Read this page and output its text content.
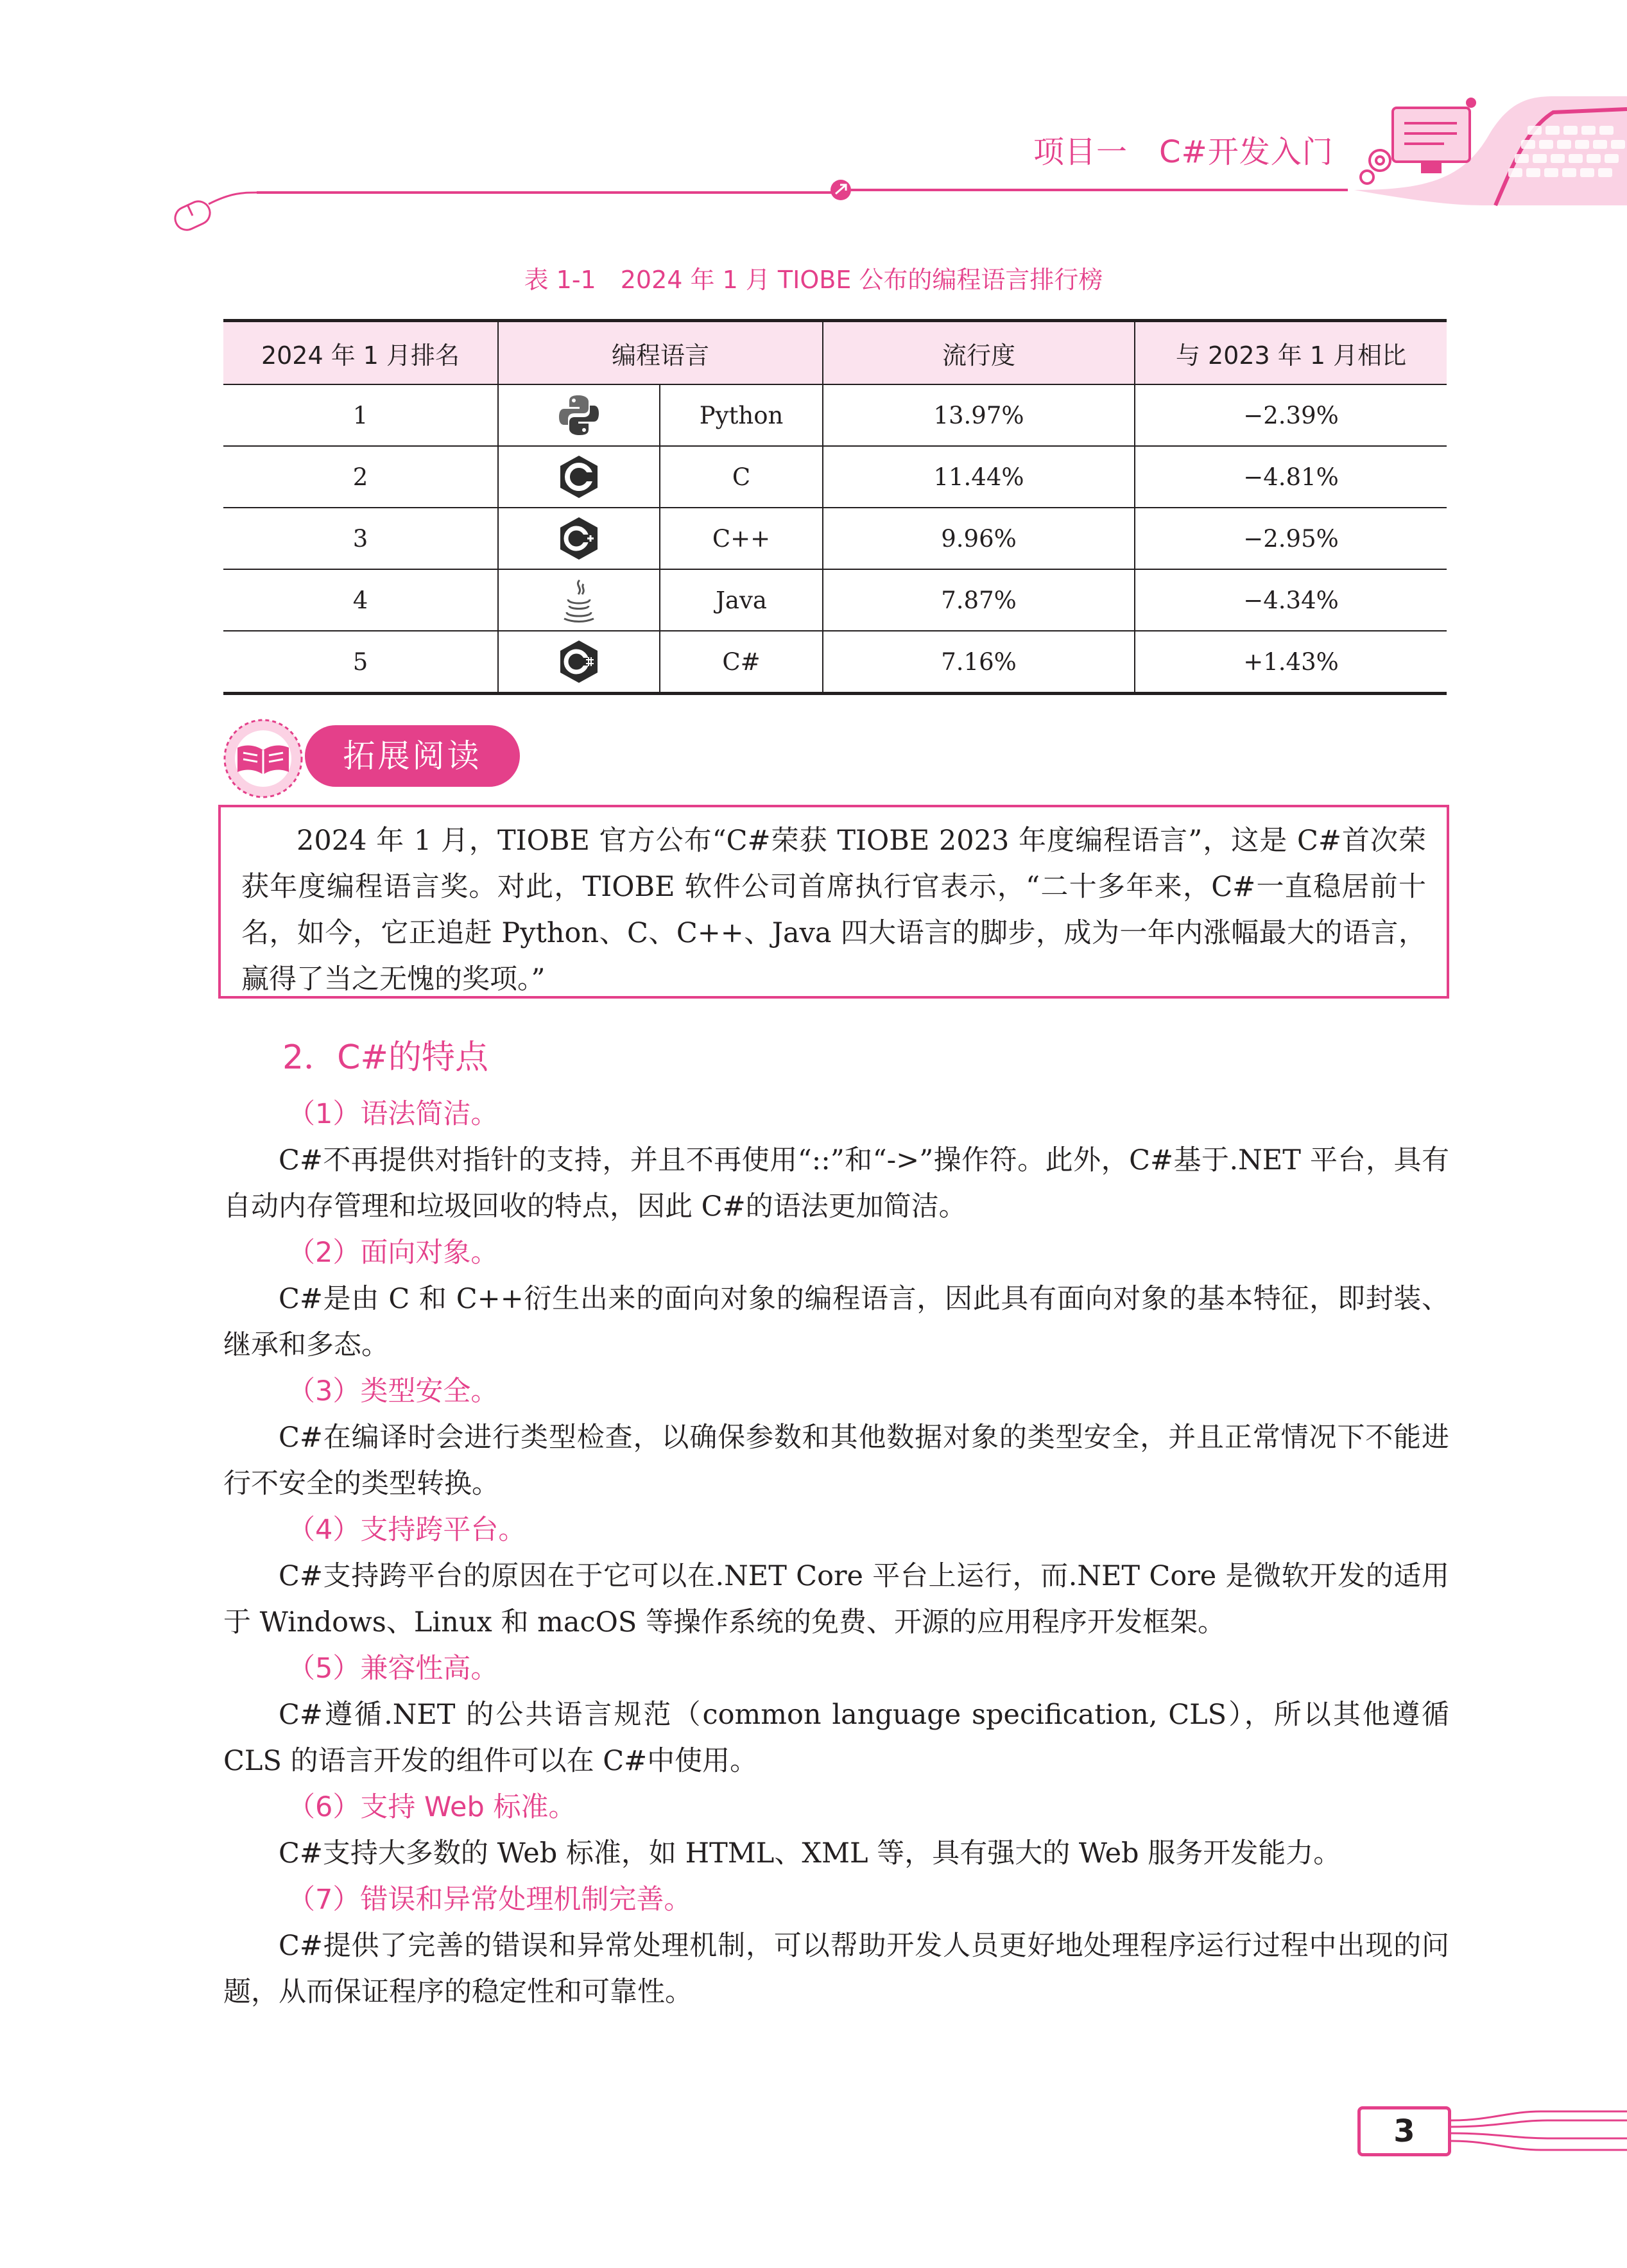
项目一　C#开发入门
表 1-1　2024 年 1 月 TIOBE 公布的编程语言排行榜
2024 年 1 月排名	编程语言		流行度	与 2023 年 1 月相比
1		Python	13.97%	−2.39%
2		C	11.44%	−4.81%
3		C++	9.96%	−2.95%
4		Java	7.87%	−4.34%
5		C#	7.16%	+1.43%
拓展阅读

2024 年 1 月，TIOBE 官方公布“C#荣获 TIOBE 2023 年度编程语言”，这是 C#首次荣获年度编程语言奖。对此，TIOBE 软件公司首席执行官表示，“二十多年来，C#一直稳居前十名，如今，它正追赶 Python、C、C++、Java 四大语言的脚步，成为一年内涨幅最大的语言，赢得了当之无愧的奖项。”

2．C#的特点
（1）语法简洁。

C#不再提供对指针的支持，并且不再使用“::”和“->”操作符。此外，C#基于.NET 平台，具有自动内存管理和垃圾回收的特点，因此 C#的语法更加简洁。

（2）面向对象。

C#是由 C 和 C++衍生出来的面向对象的编程语言，因此具有面向对象的基本特征，即封装、继承和多态。

（3）类型安全。

C#在编译时会进行类型检查，以确保参数和其他数据对象的类型安全，并且正常情况下不能进行不安全的类型转换。

（4）支持跨平台。

C#支持跨平台的原因在于它可以在.NET Core 平台上运行，而.NET Core 是微软开发的适用于 Windows、Linux 和 macOS 等操作系统的免费、开源的应用程序开发框架。

（5）兼容性高。

C#遵循.NET 的公共语言规范（common language specification, CLS），所以其他遵循 CLS 的语言开发的组件可以在 C#中使用。

（6）支持 Web 标准。

C#支持大多数的 Web 标准，如 HTML、XML 等，具有强大的 Web 服务开发能力。

（7）错误和异常处理机制完善。

C#提供了完善的错误和异常处理机制，可以帮助开发人员更好地处理程序运行过程中出现的问题，从而保证程序的稳定性和可靠性。

3
